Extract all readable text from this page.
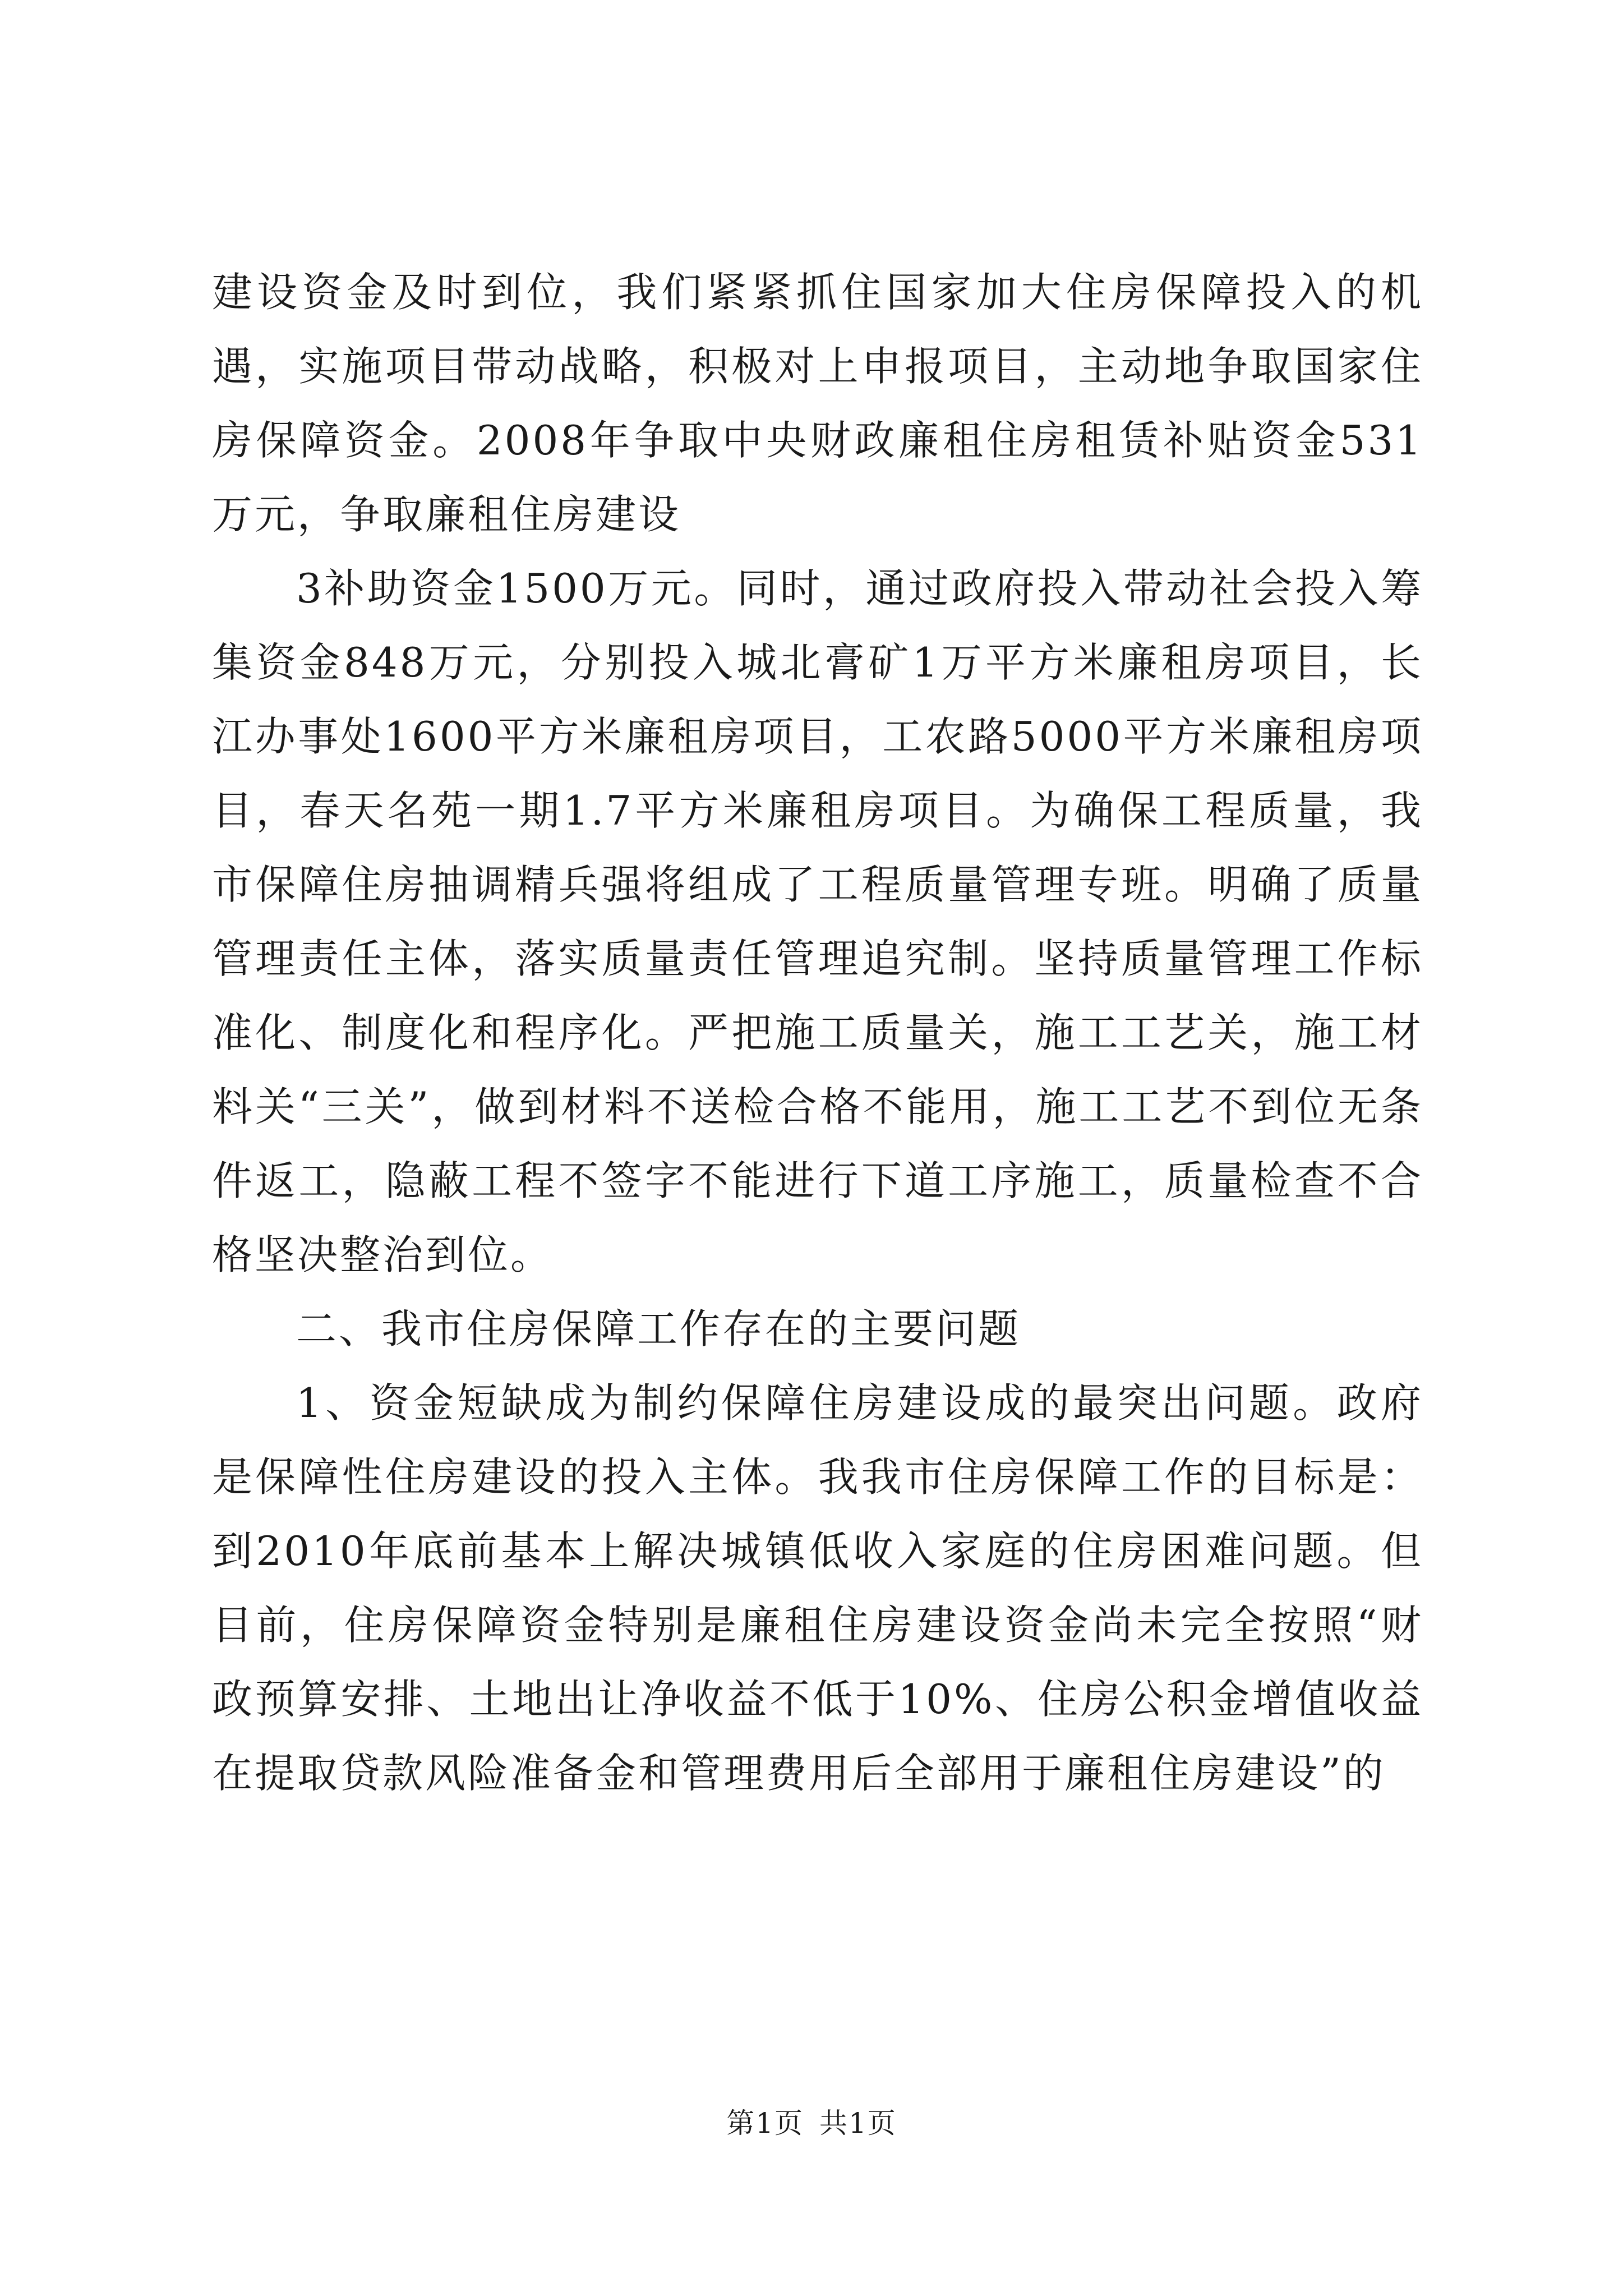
建设资金及时到位，我们紧紧抓住国家加大住房保障投入的机遇，实施项目带动战略，积极对上申报项目，主动地争取国家住房保障资金。2008年争取中央财政廉租住房租赁补贴资金531万元，争取廉租住房建设

3补助资金1500万元。同时，通过政府投入带动社会投入筹集资金848万元，分别投入城北膏矿1万平方米廉租房项目，长江办事处1600平方米廉租房项目，工农路5000平方米廉租房项目，春天名苑一期1.7平方米廉租房项目。为确保工程质量，我市保障住房抽调精兵强将组成了工程质量管理专班。明确了质量管理责任主体，落实质量责任管理追究制。坚持质量管理工作标准化、制度化和程序化。严把施工质量关，施工工艺关，施工材料关“三关”，做到材料不送检合格不能用，施工工艺不到位无条件返工，隐蔽工程不签字不能进行下道工序施工，质量检查不合格坚决整治到位。

二、我市住房保障工作存在的主要问题

1、资金短缺成为制约保障住房建设成的最突出问题。政府是保障性住房建设的投入主体。我我市住房保障工作的目标是：到2010年底前基本上解决城镇低收入家庭的住房困难问题。但目前，住房保障资金特别是廉租住房建设资金尚未完全按照“财政预算安排、土地出让净收益不低于10%、住房公积金增值收益在提取贷款风险准备金和管理费用后全部用于廉租住房建设”的

第1页 共1页
